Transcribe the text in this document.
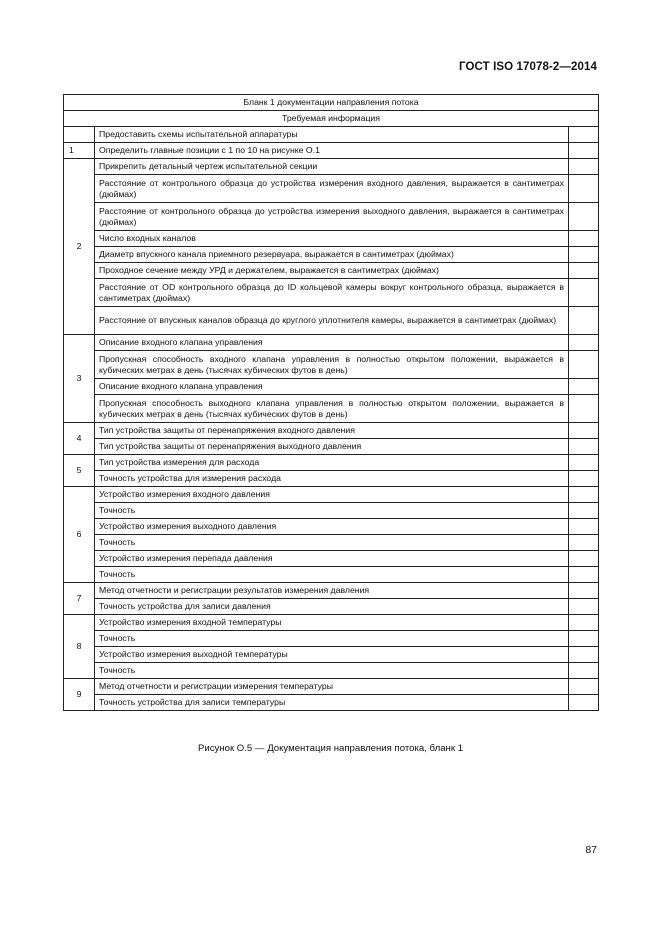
ГОСТ ISO 17078-2—2014
Бланк 1 документации направления потока		
Требуемая информация		
	Предоставить схемы испытательной аппаратуры	
1	Определить главные позиции с 1 по 10 на рисунке О.1	
2	Прикрепить детальный чертеж испытательной секции	
	Расстояние от контрольного образца до устройства измерения входного давления, выражается в сантиметрах (дюймах)	
	Расстояние от контрольного образца до устройства измерения выходного давления, выражается в сантиметрах (дюймах)	
	Число входных каналов	
	Диаметр впускного канала приемного резервуара, выражается в сантиметрах (дюймах)	
	Проходное сечение между УРД и держателем, выражается в сантиметрах (дюймах)	
	Расстояние от OD контрольного образца до ID кольцевой камеры вокруг контрольного образца, выражается в сантиметрах (дюймах)	
	Расстояние от впускных каналов образца до круглого уплотнителя камеры, выражается в сантиметрах (дюймах)	
3	Описание входного клапана управления	
	Пропускная способность входного клапана управления в полностью открытом положении, выражается в кубических метрах в день (тысячах кубических футов в день)	
	Описание входного клапана управления	
	Пропускная способность выходного клапана управления в полностью открытом положении, выражается в кубических метрах в день (тысячах кубических футов в день)	
4	Тип устройства защиты от перенапряжения входного давления	
	Тип устройства защиты от перенапряжения выходного давления	
5	Тип устройства измерения для расхода	
	Точность устройства для измерения расхода	
6	Устройство измерения входного давления	
	Точность	
	Устройство измерения выходного давления	
	Точность	
	Устройство измерения перепада давления	
	Точность	
7	Метод отчетности и регистрации результатов измерения давления	
	Точность устройства для записи давления	
8	Устройство измерения входной температуры	
	Точность	
	Устройство измерения выходной температуры	
	Точность	
9	Метод отчетности и регистрации измерения температуры	
	Точность устройства для записи температуры	
Рисунок О.5 — Документация направления потока, бланк 1
87
